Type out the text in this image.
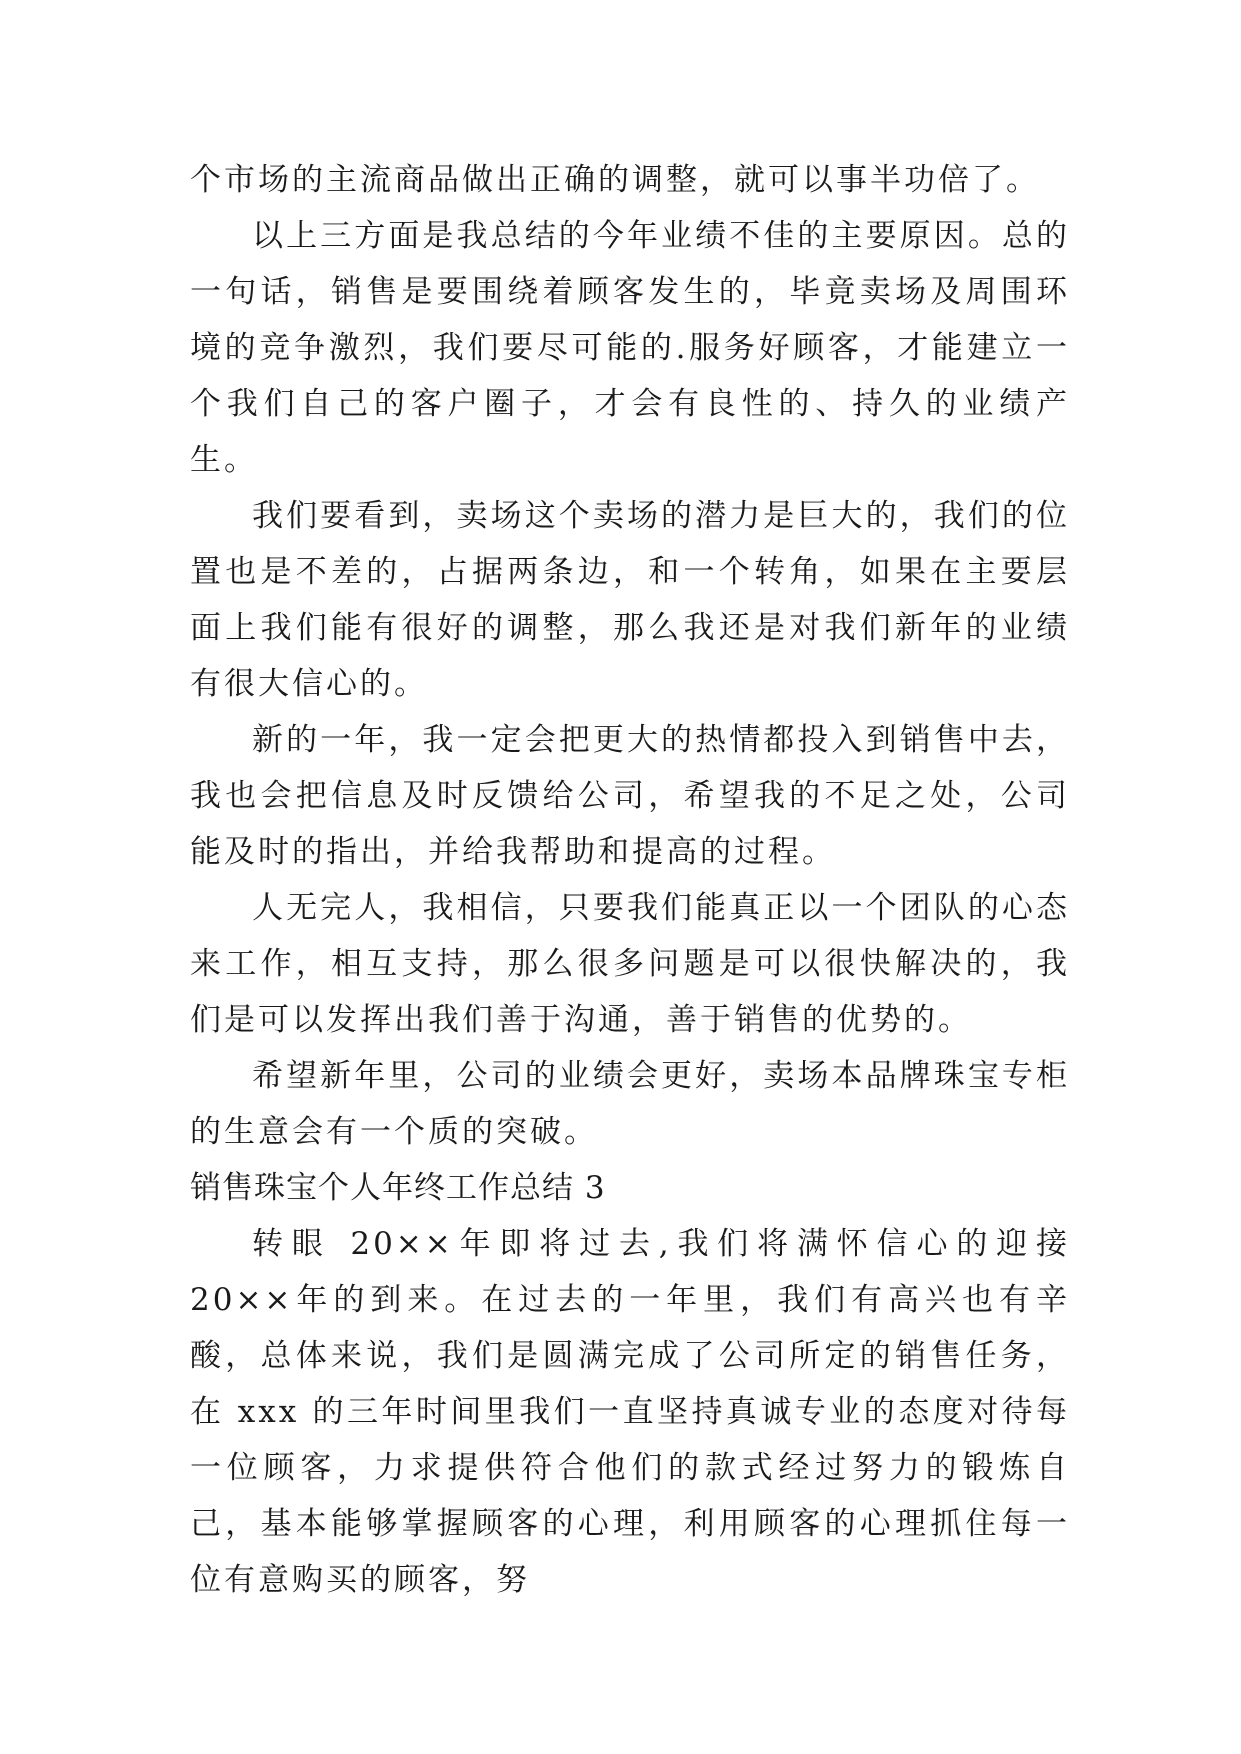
个市场的主流商品做出正确的调整，就可以事半功倍了。

以上三方面是我总结的今年业绩不佳的主要原因。总的一句话，销售是要围绕着顾客发生的，毕竟卖场及周围环境的竞争激烈，我们要尽可能的.服务好顾客，才能建立一个我们自己的客户圈子，才会有良性的、持久的业绩产生。

我们要看到，卖场这个卖场的潜力是巨大的，我们的位置也是不差的，占据两条边，和一个转角，如果在主要层面上我们能有很好的调整，那么我还是对我们新年的业绩有很大信心的。

新的一年，我一定会把更大的热情都投入到销售中去，我也会把信息及时反馈给公司，希望我的不足之处，公司能及时的指出，并给我帮助和提高的过程。

人无完人，我相信，只要我们能真正以一个团队的心态来工作，相互支持，那么很多问题是可以很快解决的，我们是可以发挥出我们善于沟通，善于销售的优势的。

希望新年里，公司的业绩会更好，卖场本品牌珠宝专柜的生意会有一个质的突破。

销售珠宝个人年终工作总结 3

转眼 20××年即将过去,我们将满怀信心的迎接 20××年的到来。在过去的一年里，我们有高兴也有辛酸，总体来说，我们是圆满完成了公司所定的销售任务，在 xxx 的三年时间里我们一直坚持真诚专业的态度对待每一位顾客，力求提供符合他们的款式经过努力的锻炼自己，基本能够掌握顾客的心理，利用顾客的心理抓住每一位有意购买的顾客，努
